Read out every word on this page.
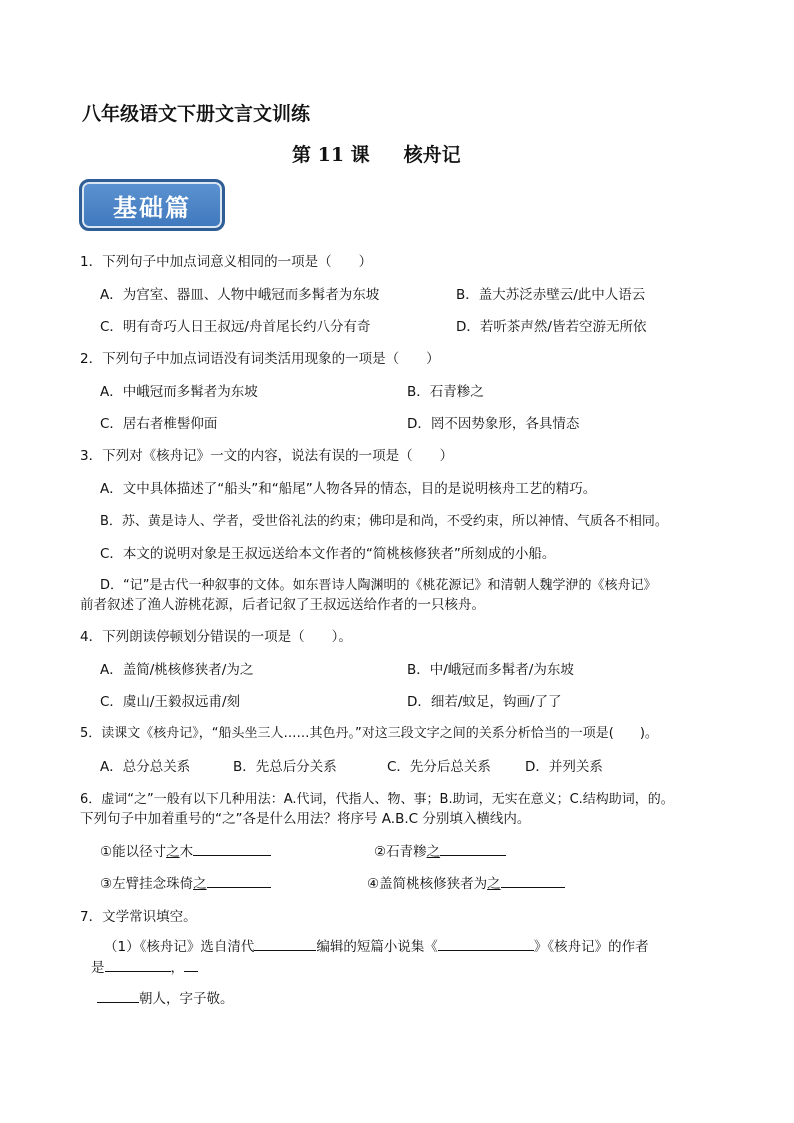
八年级语文下册文言文训练
第 11 课 核舟记
基础篇
1．下列句子中加点词意义相同的一项是（　　）
A．为宫室、器皿、人物中峨冠而多髯者为东坡	B．盖大苏泛赤壁云/此中人语云
C．明有奇巧人日王叔远/舟首尾长约八分有奇	D．若听茶声然/皆若空游无所依
2．下列句子中加点词语没有词类活用现象的一项是（　　）
A．中峨冠而多髯者为东坡	B．石青糁之
C．居右者椎髻仰面	D．罔不因势象形，各具情态
3．下列对《核舟记》一文的内容，说法有误的一项是（　　）
A．文中具体描述了“船头”和“船尾”人物各异的情态，目的是说明核舟工艺的精巧。
B．苏、黄是诗人、学者，受世俗礼法的约束；佛印是和尚，不受约束，所以神情、气质各不相同。
C．本文的说明对象是王叔远送给本文作者的“简桃核修狭者”所刻成的小船。
D．“记”是古代一种叙事的文体。如东晋诗人陶渊明的《桃花源记》和清朝人魏学洢的《核舟记》
前者叙述了渔人游桃花源，后者记叙了王叔远送给作者的一只核舟。
4．下列朗读停顿划分错误的一项是（　　）。
A．盖简/桃核修狭者/为之	B．中/峨冠而多髯者/为东坡
C．虞山/王毅叔远甫/刻	D．细若/蚊足，钩画/了了
5．读课文《核舟记》，“船头坐三人……其色丹。”对这三段文字之间的关系分析恰当的一项是(　　)。
A．总分总关系	B．先总后分关系	C．先分后总关系	D．并列关系
6．虚词“之”一般有以下几种用法：A.代词，代指人、物、事；B.助词，无实在意义；C.结构助词，的。
下列句子中加着重号的“之”各是什么用法？将序号 A.B.C 分别填入横线内。
①能以径寸之木	②石青糁之
③左臂挂念珠倚之	④盖简桃核修狭者为之
7．文学常识填空。
（1）《核舟记》选自清代	编辑的短篇小说集《	》《核舟记》的作者
是	，
朝人，字子敬。
